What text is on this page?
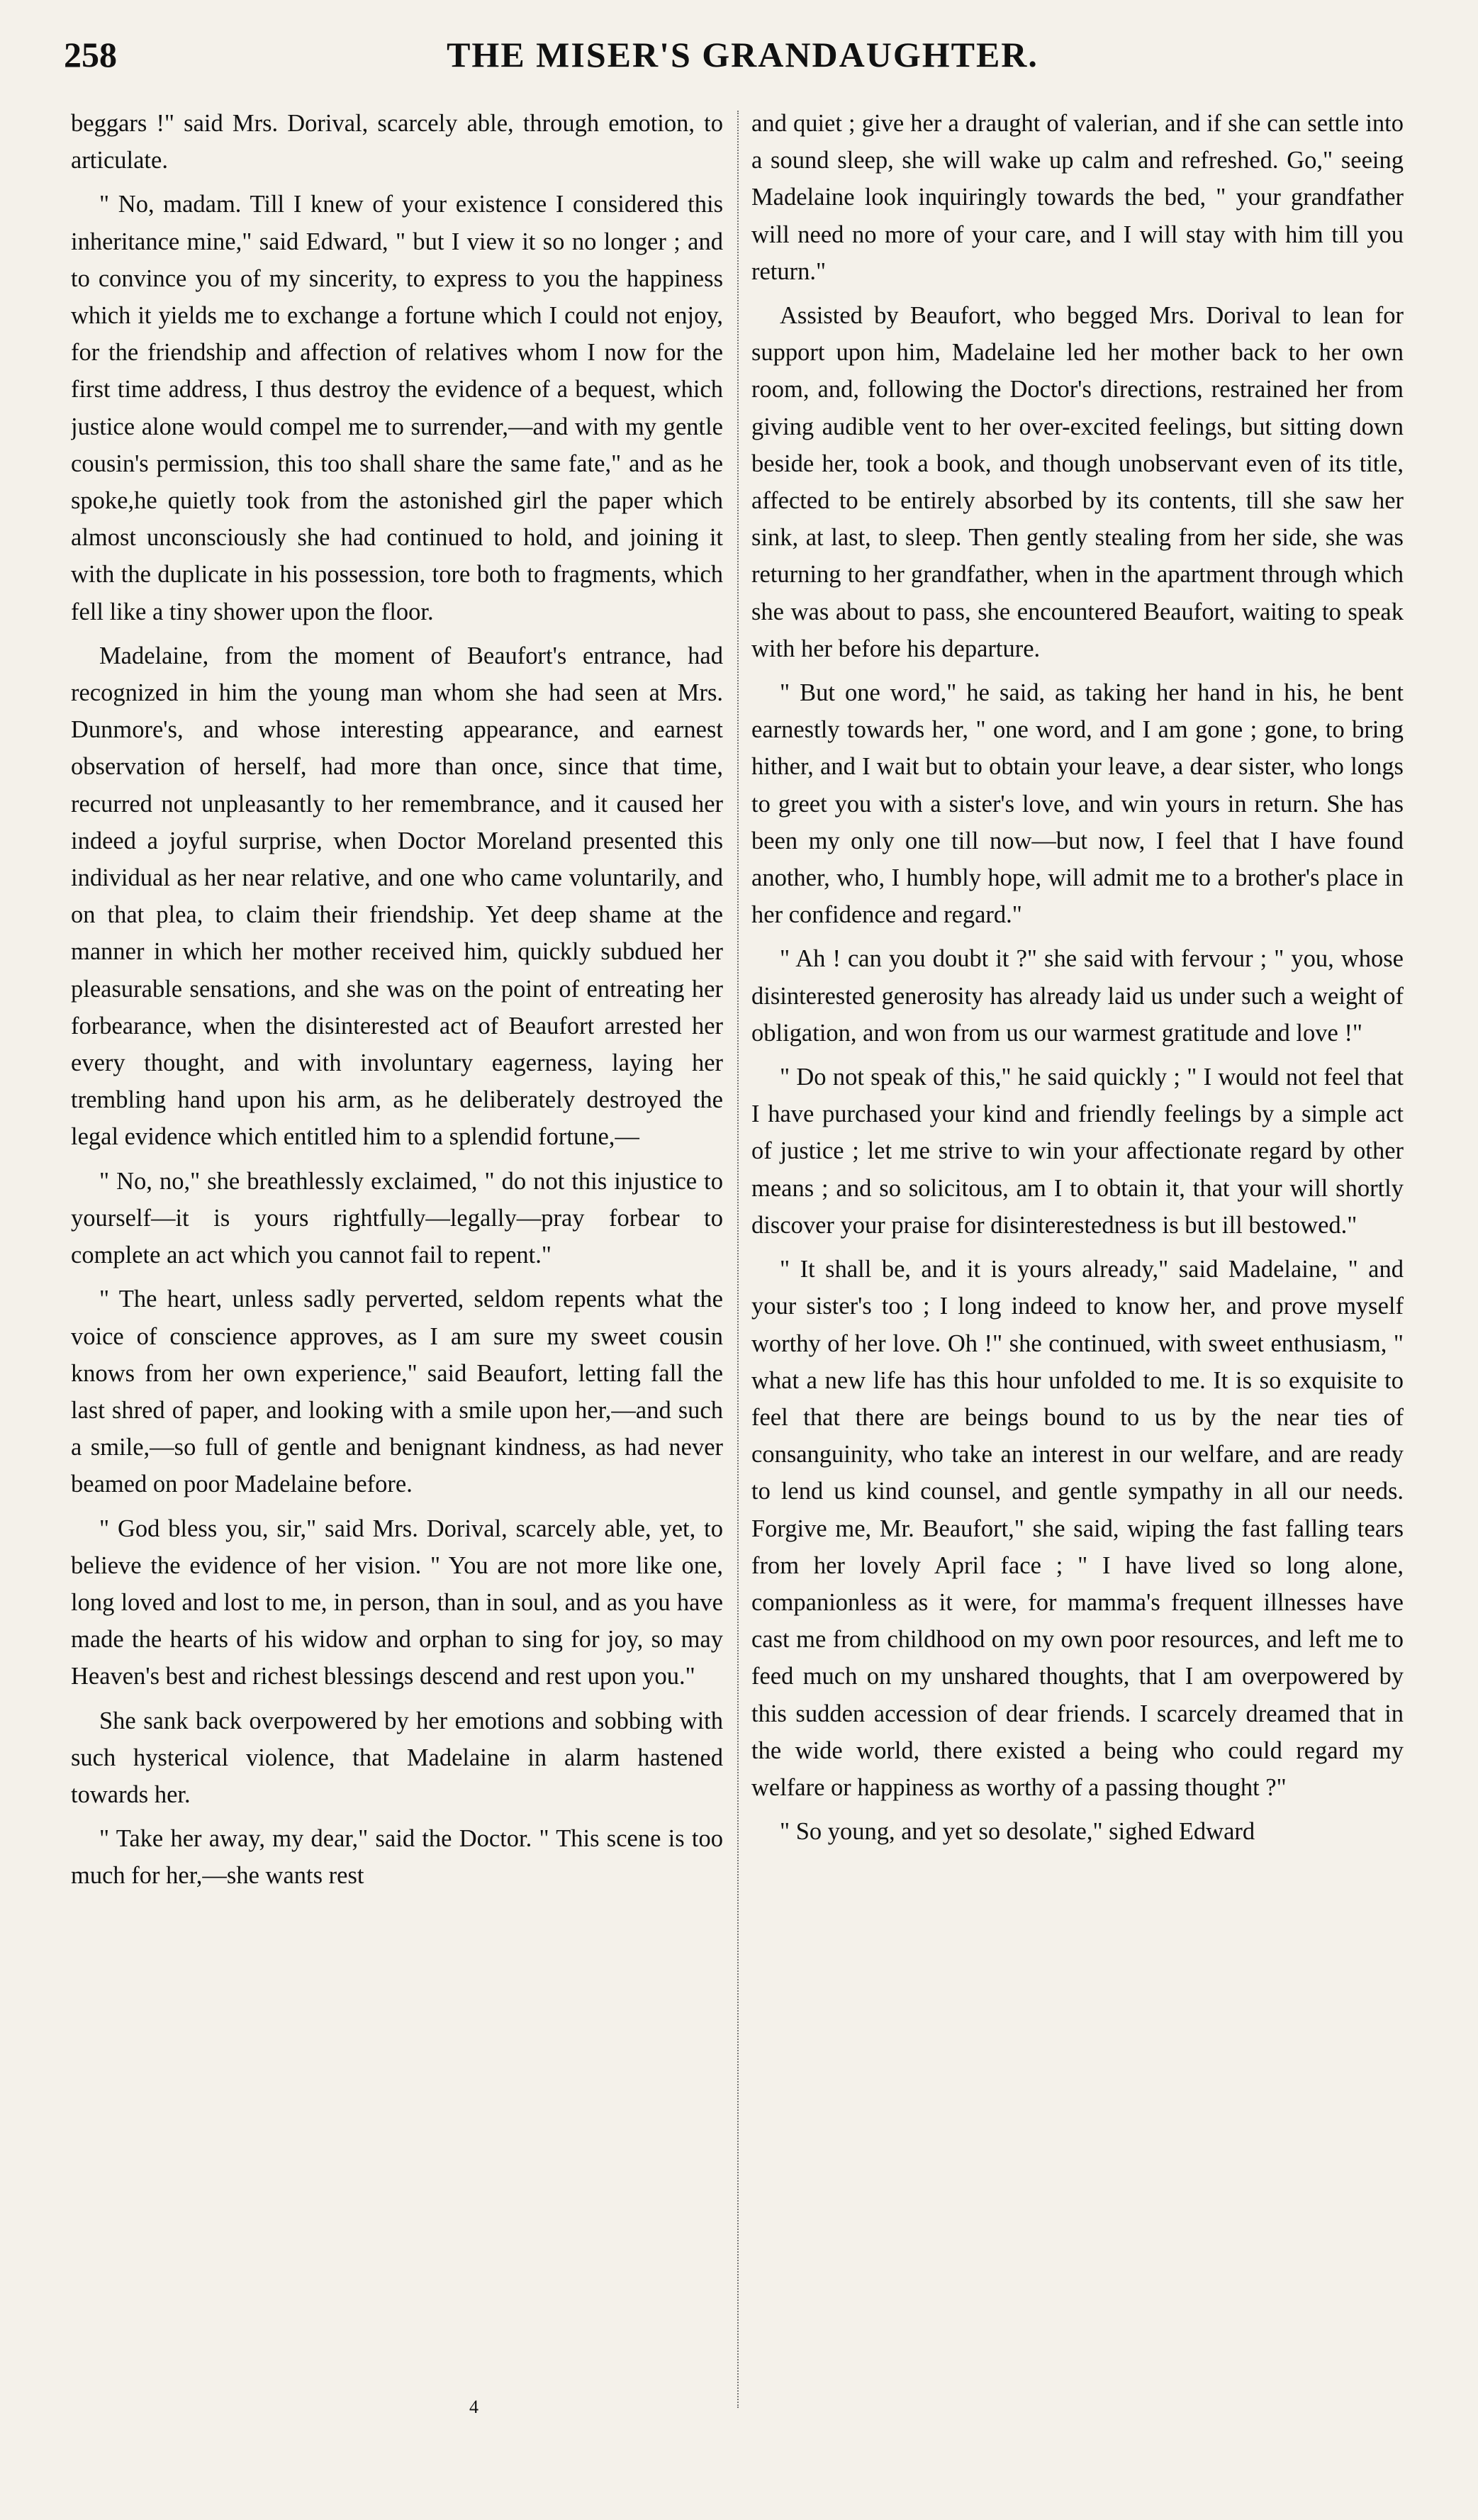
258	THE MISER'S GRANDAUGHTER.

beggars !" said Mrs. Dorival, scarcely able, through emotion, to articulate.

" No, madam. Till I knew of your existence I considered this inheritance mine," said Edward, " but I view it so no longer ; and to convince you of my sincerity, to express to you the happiness which it yields me to exchange a fortune which I could not enjoy, for the friendship and affection of relatives whom I now for the first time address, I thus destroy the evidence of a bequest, which justice alone would compel me to surrender,—and with my gentle cousin's permission, this too shall share the same fate," and as he spoke,he quietly took from the astonished girl the paper which almost unconsciously she had continued to hold, and joining it with the duplicate in his possession, tore both to fragments, which fell like a tiny shower upon the floor.

Madelaine, from the moment of Beaufort's entrance, had recognized in him the young man whom she had seen at Mrs. Dunmore's, and whose interesting appearance, and earnest observation of herself, had more than once, since that time, recurred not unpleasantly to her remembrance, and it caused her indeed a joyful surprise, when Doctor Moreland presented this individual as her near relative, and one who came voluntarily, and on that plea, to claim their friendship. Yet deep shame at the manner in which her mother received him, quickly subdued her pleasurable sensations, and she was on the point of entreating her forbearance, when the disinterested act of Beaufort arrested her every thought, and with involuntary eagerness, laying her trembling hand upon his arm, as he deliberately destroyed the legal evidence which entitled him to a splendid fortune,—

" No, no," she breathlessly exclaimed, " do not this injustice to yourself—it is yours rightfully—legally—pray forbear to complete an act which you cannot fail to repent."

" The heart, unless sadly perverted, seldom repents what the voice of conscience approves, as I am sure my sweet cousin knows from her own experience," said Beaufort, letting fall the last shred of paper, and looking with a smile upon her,—and such a smile,—so full of gentle and benignant kindness, as had never beamed on poor Madelaine before.

" God bless you, sir," said Mrs. Dorival, scarcely able, yet, to believe the evidence of her vision. " You are not more like one, long loved and lost to me, in person, than in soul, and as you have made the hearts of his widow and orphan to sing for joy, so may Heaven's best and richest blessings descend and rest upon you."

She sank back overpowered by her emotions and sobbing with such hysterical violence, that Madelaine in alarm hastened towards her.

" Take her away, my dear," said the Doctor. " This scene is too much for her,—she wants rest

and quiet ; give her a draught of valerian, and if she can settle into a sound sleep, she will wake up calm and refreshed. Go," seeing Madelaine look inquiringly towards the bed, " your grandfather will need no more of your care, and I will stay with him till you return."

Assisted by Beaufort, who begged Mrs. Dorival to lean for support upon him, Madelaine led her mother back to her own room, and, following the Doctor's directions, restrained her from giving audible vent to her over-excited feelings, but sitting down beside her, took a book, and though unobservant even of its title, affected to be entirely absorbed by its contents, till she saw her sink, at last, to sleep. Then gently stealing from her side, she was returning to her grandfather, when in the apartment through which she was about to pass, she encountered Beaufort, waiting to speak with her before his departure.

" But one word," he said, as taking her hand in his, he bent earnestly towards her, " one word, and I am gone ; gone, to bring hither, and I wait but to obtain your leave, a dear sister, who longs to greet you with a sister's love, and win yours in return. She has been my only one till now—but now, I feel that I have found another, who, I humbly hope, will admit me to a brother's place in her confidence and regard."

" Ah ! can you doubt it ?" she said with fervour ; " you, whose disinterested generosity has already laid us under such a weight of obligation, and won from us our warmest gratitude and love !"

" Do not speak of this," he said quickly ; " I would not feel that I have purchased your kind and friendly feelings by a simple act of justice ; let me strive to win your affectionate regard by other means ; and so solicitous, am I to obtain it, that your will shortly discover your praise for disinterestedness is but ill bestowed."

" It shall be, and it is yours already," said Madelaine, " and your sister's too ; I long indeed to know her, and prove myself worthy of her love. Oh !" she continued, with sweet enthusiasm, " what a new life has this hour unfolded to me. It is so exquisite to feel that there are beings bound to us by the near ties of consanguinity, who take an interest in our welfare, and are ready to lend us kind counsel, and gentle sympathy in all our needs. Forgive me, Mr. Beaufort," she said, wiping the fast falling tears from her lovely April face ; " I have lived so long alone, companionless as it were, for mamma's frequent illnesses have cast me from childhood on my own poor resources, and left me to feed much on my unshared thoughts, that I am overpowered by this sudden accession of dear friends. I scarcely dreamed that in the wide world, there existed a being who could regard my welfare or happiness as worthy of a passing thought ?"

" So young, and yet so desolate," sighed Edward

4
